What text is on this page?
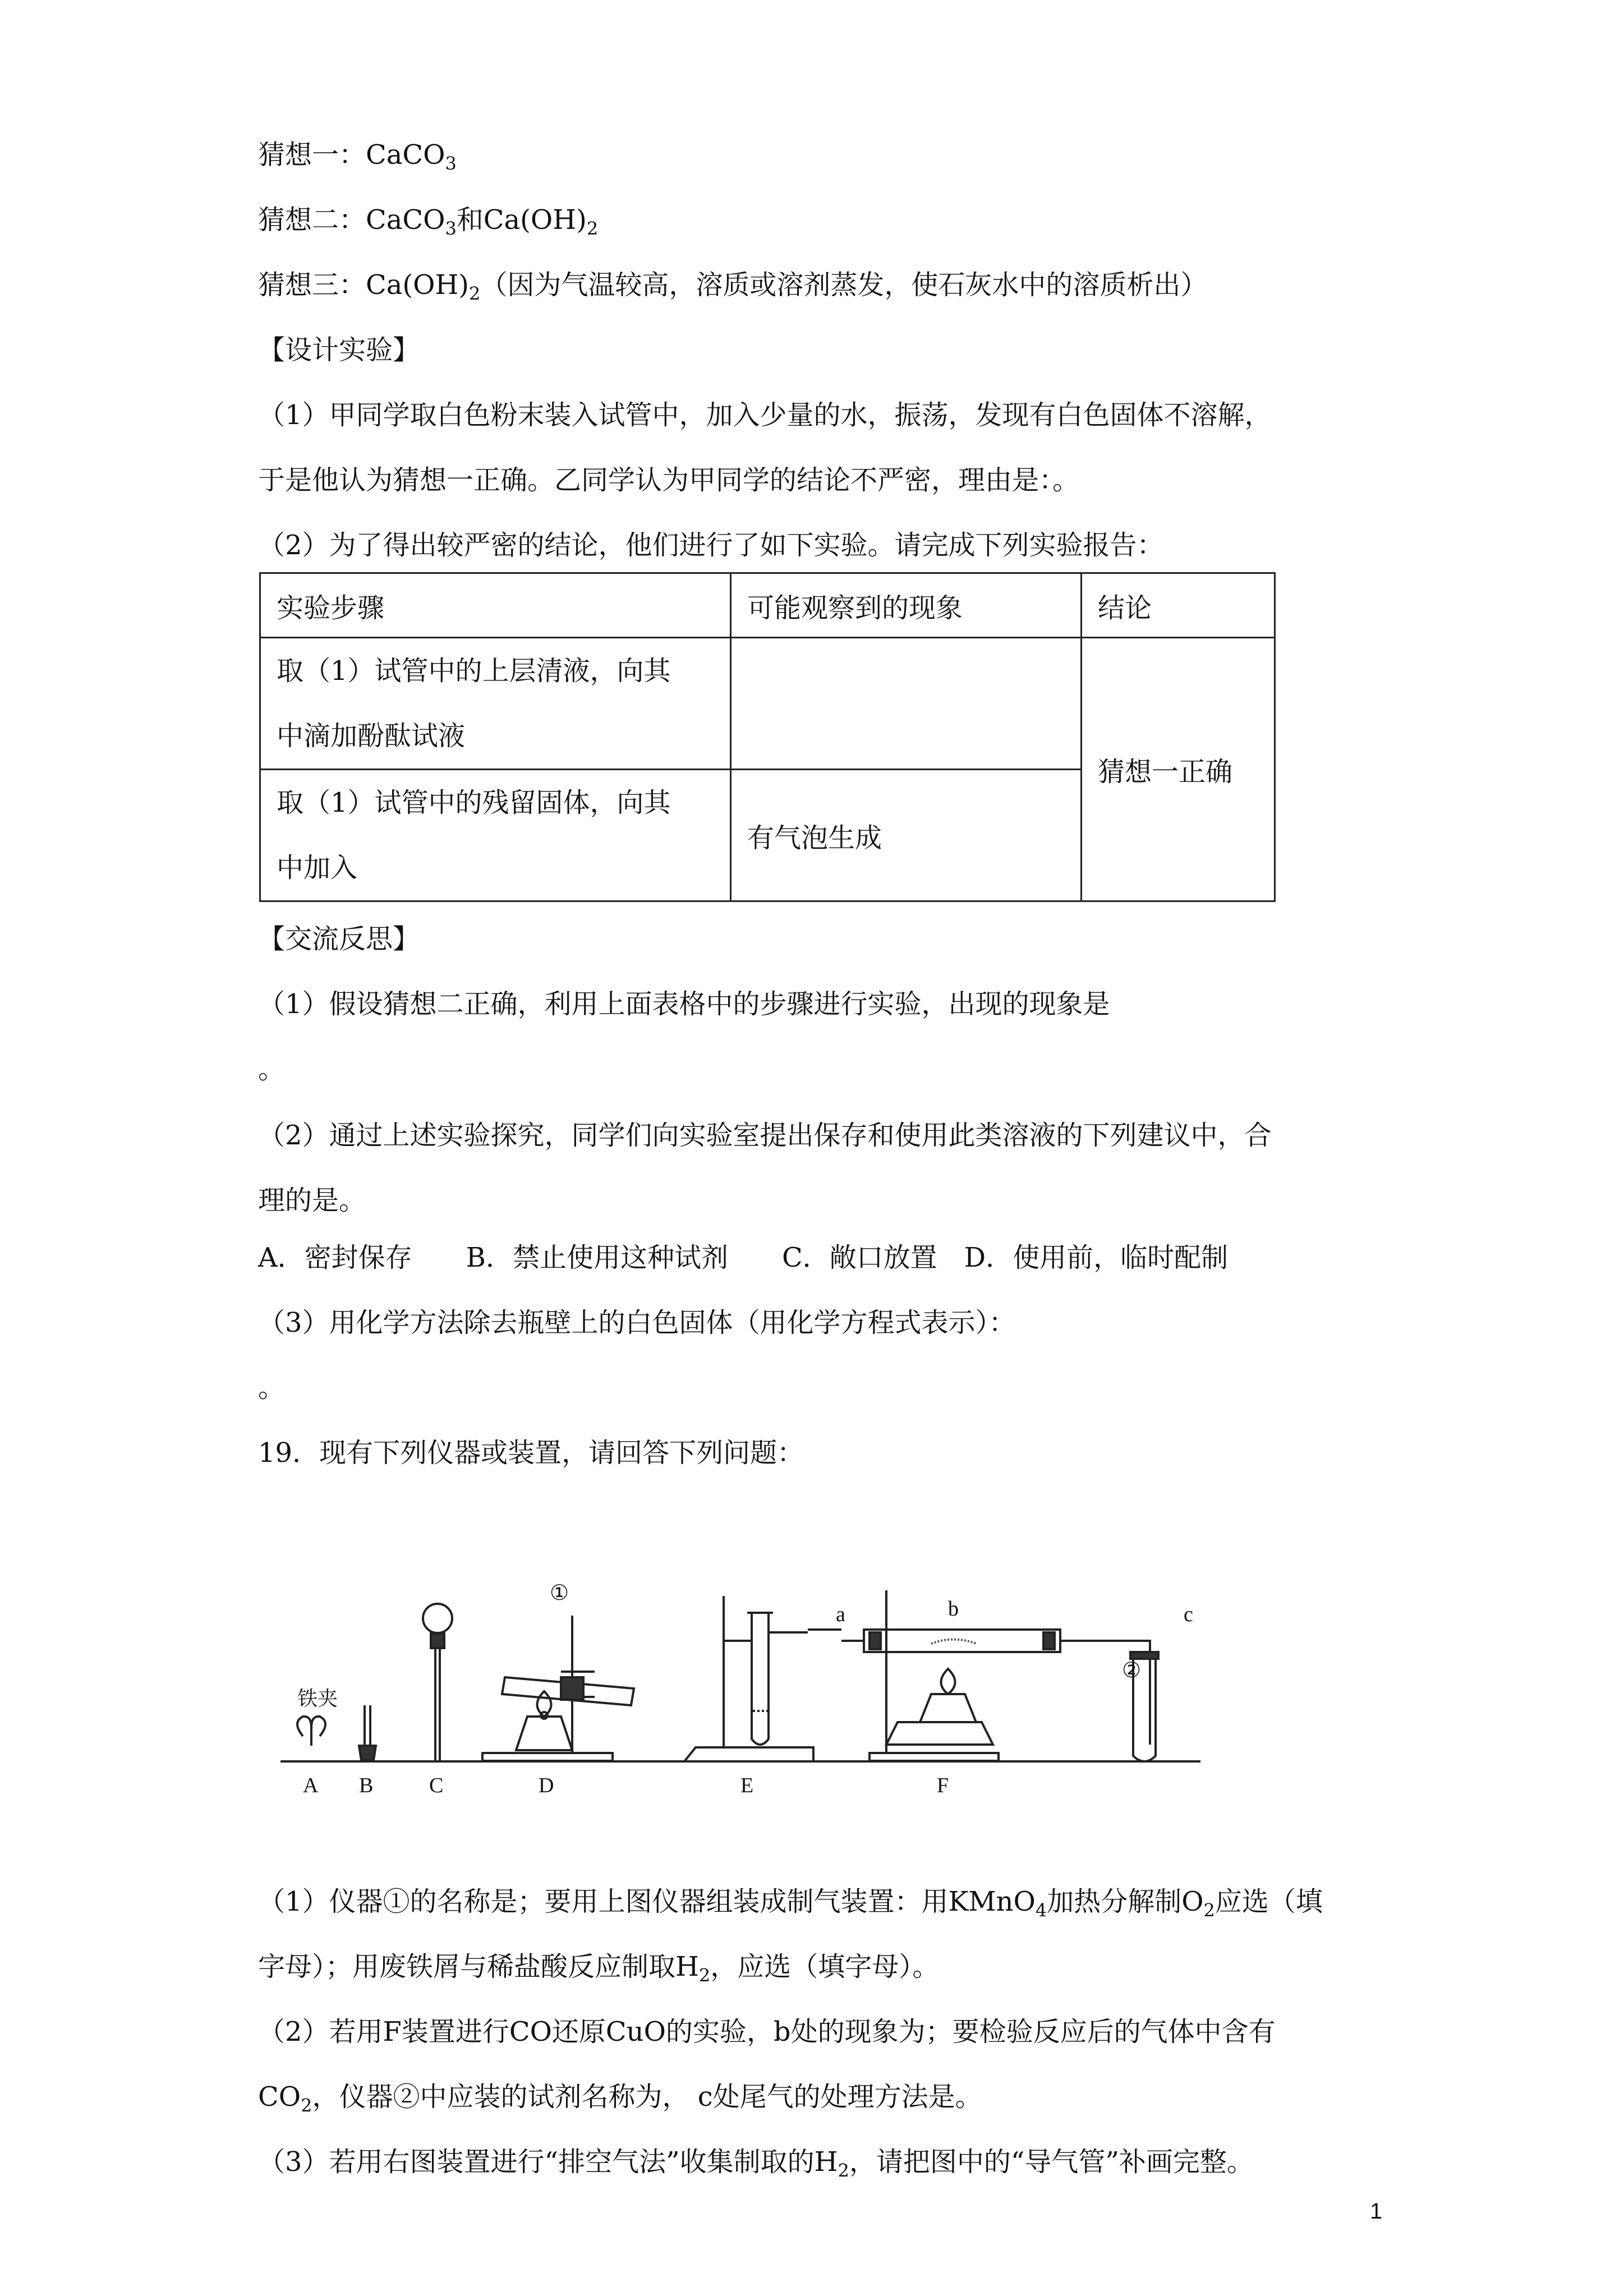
猜想一：CaCO$_3$
猜想二：CaCO$_3$和$Ca(OH)_2$
猜想三：$Ca(OH)_2$（因为气温较高，溶质或溶剂蒸发，使石灰水中的溶质析出）
【设计实验】
（1）甲同学取白色粉末装入试管中，加入少量的水，振荡，发现有白色固体不溶解，
于是他认为猜想一正确。乙同学认为甲同学的结论不严密，理由是：。
（2）为了得出较严密的结论，他们进行了如下实验。请完成下列实验报告：
实验步骤	可能观察到的现象	结论

取（1）试管中的上层清液，向其
中滴加酚酞试液		猜想一正确

取（1）试管中的残留固体，向其
中加入	有气泡生成	
【交流反思】
（1）假设猜想二正确，利用上面表格中的步骤进行实验，出现的现象是
。
（2）通过上述实验探究，同学们向实验室提出保存和使用此类溶液的下列建议中，合
理的是。
A．密封保存　　B．禁止使用这种试剂　　C．敞口放置　D．使用前，临时配制
（3）用化学方法除去瓶壁上的白色固体（用化学方程式表示）：
。
19．现有下列仪器或装置，请回答下列问题：
铁夹
A B	C	D	E	F
①
②
a	b	c
（1）仪器①的名称是；要用上图仪器组装成制气装置：用KMnO$_4$加热分解制$O_2$应选（填
字母）；用废铁屑与稀盐酸反应制取$H_2$，应选（填字母）。
（2）若用F装置进行CO还原CuO的实验，b处的现象为；要检验反应后的气体中含有
$CO_2$，仪器②中应装的试剂名称为， c处尾气的处理方法是。
（3）若用右图装置进行“排空气法”收集制取的$H_2$，请把图中的“导气管”补画完整。
1
